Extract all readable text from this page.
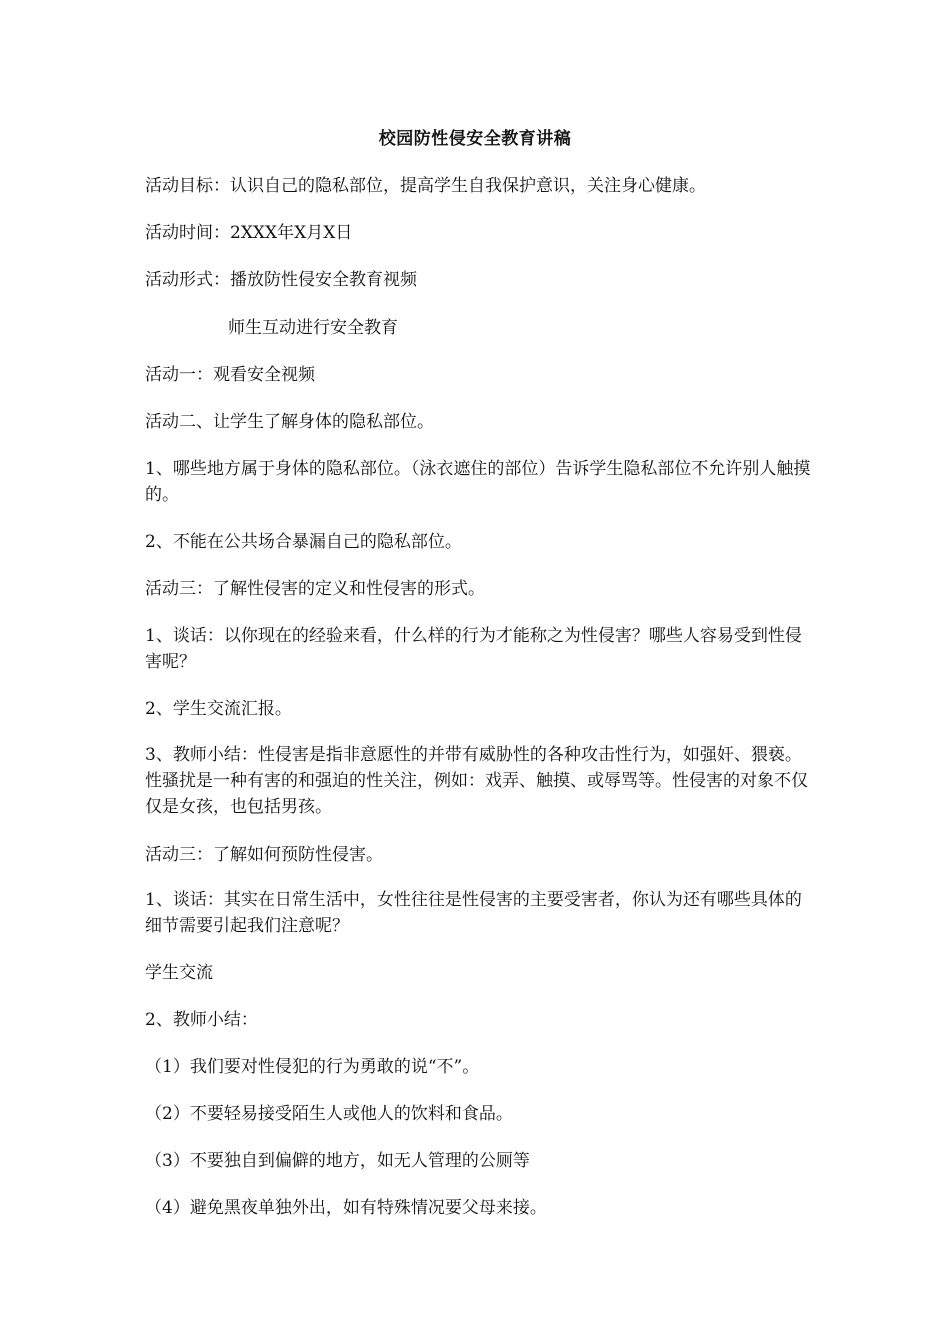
校园防性侵安全教育讲稿
活动目标：认识自己的隐私部位，提高学生自我保护意识，关注身心健康。
活动时间：2XXX年X月X日
活动形式：播放防性侵安全教育视频
师生互动进行安全教育
活动一：观看安全视频
活动二、让学生了解身体的隐私部位。
1、哪些地方属于身体的隐私部位。（泳衣遮住的部位）告诉学生隐私部位不允许别人触摸的。
2、不能在公共场合暴漏自己的隐私部位。
活动三：了解性侵害的定义和性侵害的形式。
1、谈话：以你现在的经验来看，什么样的行为才能称之为性侵害？哪些人容易受到性侵害呢？
2、学生交流汇报。
3、教师小结：性侵害是指非意愿性的并带有威胁性的各种攻击性行为，如强奸、猥亵。性骚扰是一种有害的和强迫的性关注，例如：戏弄、触摸、或辱骂等。性侵害的对象不仅仅是女孩，也包括男孩。
活动三：了解如何预防性侵害。
1、谈话：其实在日常生活中，女性往往是性侵害的主要受害者，你认为还有哪些具体的细节需要引起我们注意呢？
学生交流
2、教师小结：
（1）我们要对性侵犯的行为勇敢的说“不”。
（2）不要轻易接受陌生人或他人的饮料和食品。
（3）不要独自到偏僻的地方，如无人管理的公厕等
（4）避免黑夜单独外出，如有特殊情况要父母来接。
